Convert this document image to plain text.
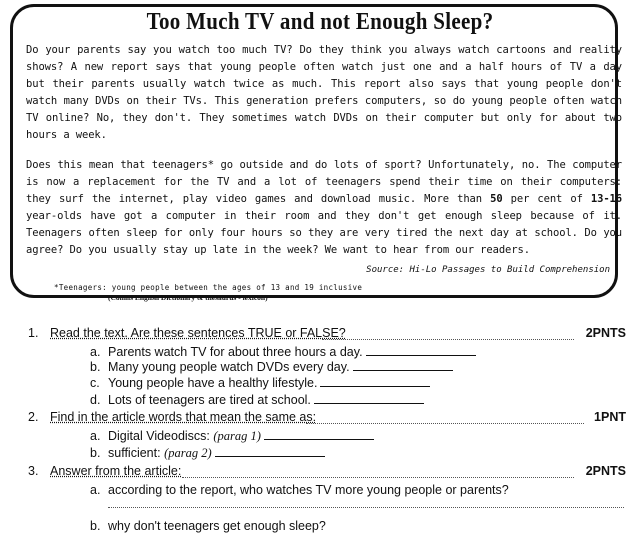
Too Much TV and not Enough Sleep?
Do your parents say you watch too much TV? Do they think you always watch cartoons and reality shows? A new report says that young people often watch just one and a half hours of TV a day but their parents usually watch twice as much. This report also says that young people don't watch many DVDs on their TVs. This generation prefers computers, so do young people often watch TV online? No, they don't. They sometimes watch DVDs on their computer but only for about two hours a week.
Does this mean that teenagers* go outside and do lots of sport? Unfortunately, no. The computer is now a replacement for the TV and a lot of teenagers spend their time on their computers: they surf the internet, play video games and download music. More than 50 per cent of 13-16 year-olds have got a computer in their room and they don't get enough sleep because of it. Teenagers often sleep for only four hours so they are very tired the next day at school. Do you agree? Do you usually stay up late in the week? We want to hear from our readers.
Source: Hi-Lo Passages to Build Comprehension
*Teenagers: young people between the ages of 13 and 19 inclusive
(Collins English Dictionary & thesaurus - lexicon)
1. Read the text. Are these sentences TRUE or FALSE?	2PNTS
a. Parents watch TV for about three hours a day.
b. Many young people watch DVDs every day.
c. Young people have a healthy lifestyle.
d. Lots of teenagers are tired at school.
2. Find in the article words that mean the same as:	1PNT
a. Digital Videodiscs: (parag 1)
b. sufficient: (parag 2)
3. Answer from the article:	2PNTS
a. according to the report, who watches TV more young people or parents?
b. why don't teenagers get enough sleep?
